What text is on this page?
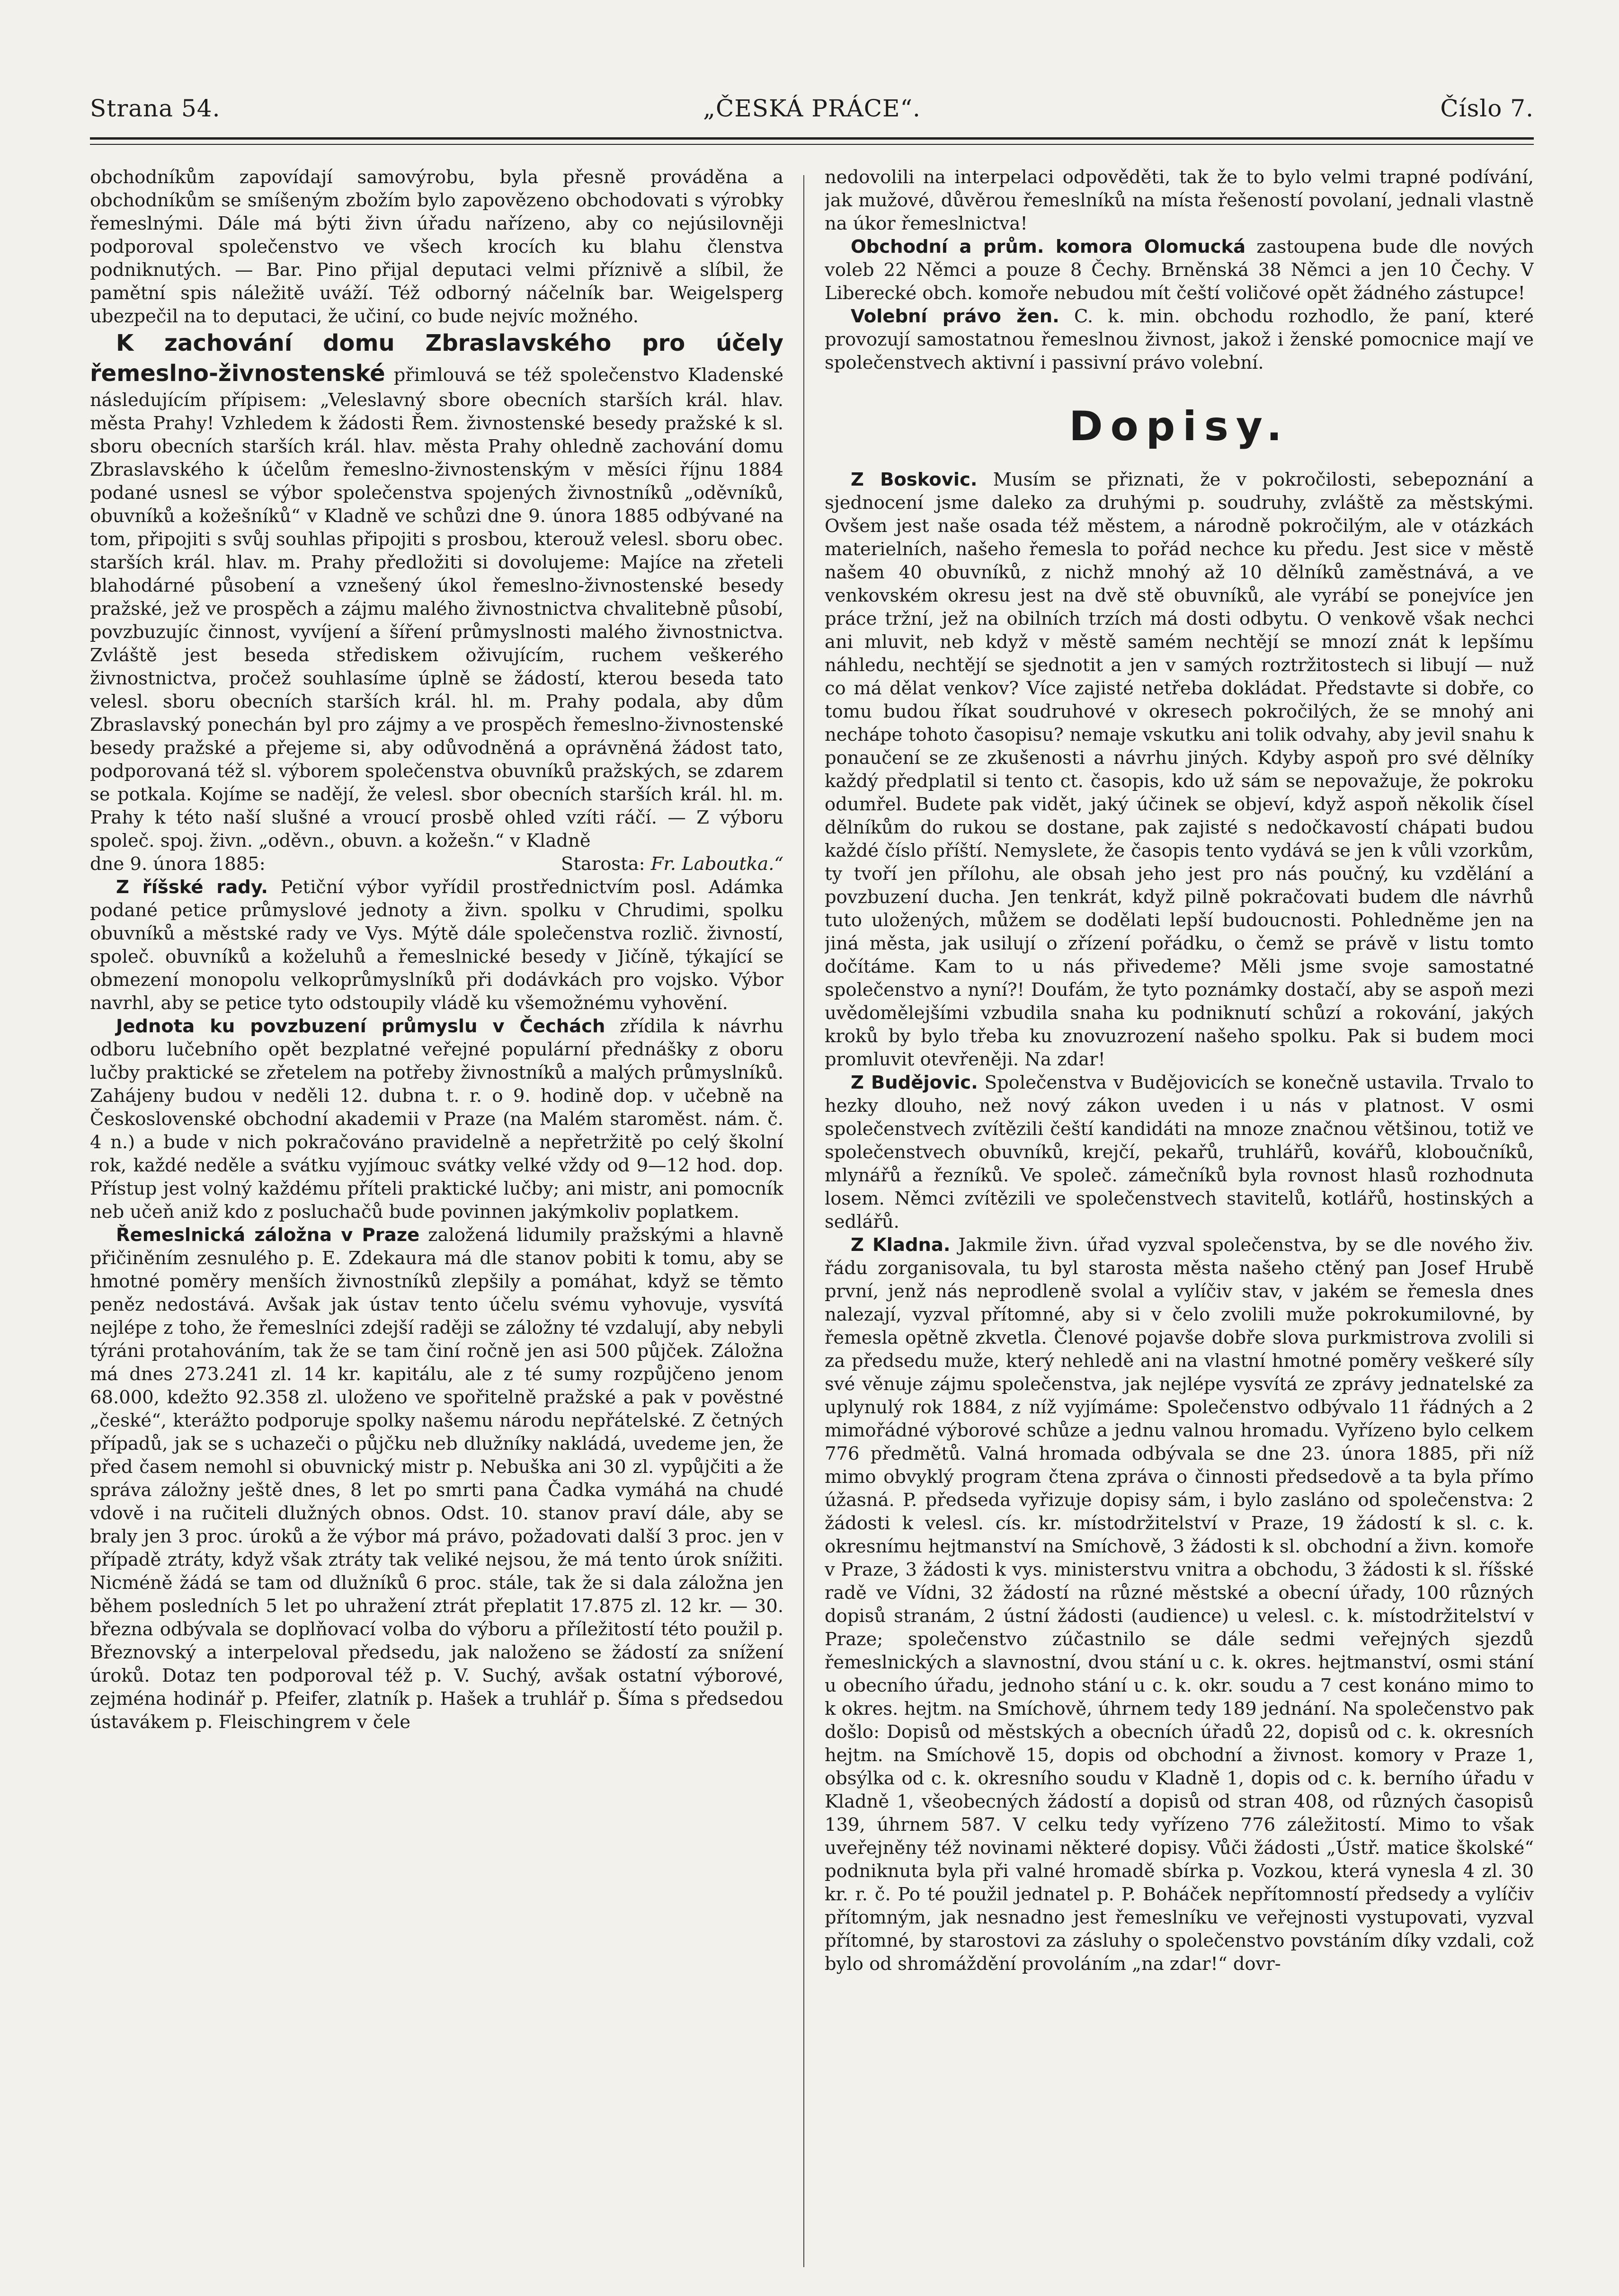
Strana 54.	„ČESKÁ PRÁCE“.	Číslo 7.

obchodníkům zapovídají samovýrobu, byla přesně prováděna a obchodníkům se smíšeným zbožím bylo zapovězeno obchodovati s výrobky řemeslnými. Dále má býti živn úřadu nařízeno, aby co nejúsilovněji podporoval společenstvo ve všech krocích ku blahu členstva podniknutých. — Bar. Pino přijal deputaci velmi příznivě a slíbil, že pamětní spis náležitě uváží. Též odborný náčelník bar. Weigelsperg ubezpečil na to deputaci, že učiní, co bude nejvíc možného.

K zachování domu Zbraslavského pro účely řemeslno-živnostenské přimlouvá se též společenstvo Kladenské následujícím přípisem: „Veleslavný sbore obecních starších král. hlav. města Prahy! Vzhledem k žádosti Řem. živnostenské besedy pražské k sl. sboru obecních starších král. hlav. města Prahy ohledně zachování domu Zbraslavského k účelům řemeslno-živnostenským v měsíci říjnu 1884 podané usnesl se výbor společenstva spojených živnostníků „oděvníků, obuvníků a kožešníků“ v Kladně ve schůzi dne 9. února 1885 odbývané na tom, připojiti s svůj souhlas připojiti s prosbou, kterouž velesl. sboru obec. starších král. hlav. m. Prahy předložiti si dovolujeme: Majíce na zřeteli blahodárné působení a vznešený úkol řemeslno-živnostenské besedy pražské, jež ve prospěch a zájmu malého živnostnictva chvalitebně působí, povzbuzujíc činnost, vyvíjení a šíření průmyslnosti malého živnostnictva. Zvláště jest beseda střediskem oživujícím, ruchem veškerého živnostnictva, pročež souhlasíme úplně se žádostí, kterou beseda tato velesl. sboru obecních starších král. hl. m. Prahy podala, aby dům Zbraslavský ponechán byl pro zájmy a ve prospěch řemeslno-živnostenské besedy pražské a přejeme si, aby odůvodněná a oprávněná žádost tato, podporovaná též sl. výborem společenstva obuvníků pražských, se zdarem se potkala. Kojíme se nadějí, že velesl. sbor obecních starších král. hl. m. Prahy k této naší slušné a vroucí prosbě ohled vzíti ráčí. — Z výboru společ. spoj. živn. „oděvn., obuvn. a kožešn.“ v Kladně

dne 9. února 1885:	Starosta: Fr. Laboutka.“

Z říšské rady. Petiční výbor vyřídil prostřednictvím posl. Adámka podané petice průmyslové jednoty a živn. spolku v Chrudimi, spolku obuvníků a městské rady ve Vys. Mýtě dále společenstva rozlič. živností, společ. obuvníků a koželuhů a řemeslnické besedy v Jičíně, týkající se obmezení monopolu velkoprůmyslníků při dodávkách pro vojsko. Výbor navrhl, aby se petice tyto odstoupily vládě ku všemožnému vyhovění.

Jednota ku povzbuzení průmyslu v Čechách zřídila k návrhu odboru lučebního opět bezplatné veřejné populární přednášky z oboru lučby praktické se zřetelem na potřeby živnostníků a malých průmyslníků. Zahájeny budou v neděli 12. dubna t. r. o 9. hodině dop. v učebně na Československé obchodní akademii v Praze (na Malém staroměst. nám. č. 4 n.) a bude v nich pokračováno pravidelně a nepřetržitě po celý školní rok, každé neděle a svátku vyjímouc svátky velké vždy od 9—12 hod. dop. Přístup jest volný každému příteli praktické lučby; ani mistr, ani pomocník neb učeň aniž kdo z posluchačů bude povinnen jakýmkoliv poplatkem.

Řemeslnická záložna v Praze založená lidumily pražskými a hlavně přičiněním zesnulého p. E. Zdekaura má dle stanov pobiti k tomu, aby se hmotné poměry menších živnostníků zlepšily a pomáhat, když se těmto peněz nedostává. Avšak jak ústav tento účelu svému vyhovuje, vysvítá nejlépe z toho, že řemeslníci zdejší raději se záložny té vzdalují, aby nebyli týráni protahováním, tak že se tam činí ročně jen asi 500 půjček. Záložna má dnes 273.241 zl. 14 kr. kapitálu, ale z té sumy rozpůjčeno jenom 68.000, kdežto 92.358 zl. uloženo ve spořitelně pražské a pak v pověstné „české“, kterážto podporuje spolky našemu národu nepřátelské. Z četných případů, jak se s uchazeči o půjčku neb dlužníky nakládá, uvedeme jen, že před časem nemohl si obuvnický mistr p. Nebuška ani 30 zl. vypůjčiti a že správa záložny ještě dnes, 8 let po smrti pana Čadka vymáhá na chudé vdově i na ručiteli dlužných obnos. Odst. 10. stanov praví dále, aby se braly jen 3 proc. úroků a že výbor má právo, požadovati další 3 proc. jen v případě ztráty, když však ztráty tak veliké nejsou, že má tento úrok snížiti. Nicméně žádá se tam od dlužníků 6 proc. stále, tak že si dala záložna jen během posledních 5 let po uhražení ztrát přeplatit 17.875 zl. 12 kr. — 30. března odbývala se doplňovací volba do výboru a příležitostí této použil p. Březnovský a interpeloval předsedu, jak naloženo se žádostí za snížení úroků. Dotaz ten podporoval též p. V. Suchý, avšak ostatní výborové, zejména hodinář p. Pfeifer, zlatník p. Hašek a truhlář p. Šíma s předsedou ústavákem p. Fleischingrem v čele

nedovolili na interpelaci odpověděti, tak že to bylo velmi trapné podívání, jak mužové, důvěrou řemeslníků na místa řešeností povolaní, jednali vlastně na úkor řemeslnictva!

Obchodní a prům. komora Olomucká zastoupena bude dle nových voleb 22 Němci a pouze 8 Čechy. Brněnská 38 Němci a jen 10 Čechy. V Liberecké obch. komoře nebudou mít čeští voličové opět žádného zástupce!

Volební právo žen. C. k. min. obchodu rozhodlo, že paní, které provozují samostatnou řemeslnou živnost, jakož i ženské pomocnice mají ve společenstvech aktivní i passivní právo volební.

Dopisy.

Z Boskovic. Musím se přiznati, že v pokročilosti, sebepoznání a sjednocení jsme daleko za druhými p. soudruhy, zvláště za městskými. Ovšem jest naše osada též městem, a národně pokročilým, ale v otázkách materielních, našeho řemesla to pořád nechce ku předu. Jest sice v městě našem 40 obuvníků, z nichž mnohý až 10 dělníků zaměstnává, a ve venkovském okresu jest na dvě stě obuvníků, ale vyrábí se ponejvíce jen práce tržní, jež na obilních trzích má dosti odbytu. O venkově však nechci ani mluvit, neb když v městě samém nechtějí se mnozí znát k lepšímu náhledu, nechtějí se sjednotit a jen v samých roztržitostech si libují — nuž co má dělat venkov? Více zajisté netřeba dokládat. Představte si dobře, co tomu budou říkat soudruhové v okresech pokročilých, že se mnohý ani nechápe tohoto časopisu? nemaje vskutku ani tolik odvahy, aby jevil snahu k ponaučení se ze zkušenosti a návrhu jiných. Kdyby aspoň pro své dělníky každý předplatil si tento ct. časopis, kdo už sám se nepovažuje, že pokroku odumřel. Budete pak vidět, jaký účinek se objeví, když aspoň několik čísel dělníkům do rukou se dostane, pak zajisté s nedočkavostí chápati budou každé číslo příští. Nemyslete, že časopis tento vydává se jen k vůli vzorkům, ty tvoří jen přílohu, ale obsah jeho jest pro nás poučný, ku vzdělání a povzbuzení ducha. Jen tenkrát, když pilně pokračovati budem dle návrhů tuto uložených, můžem se dodělati lepší budoucnosti. Pohledněme jen na jiná města, jak usilují o zřízení pořádku, o čemž se právě v listu tomto dočítáme. Kam to u nás přivedeme? Měli jsme svoje samostatné společenstvo a nyní?! Doufám, že tyto poznámky dostačí, aby se aspoň mezi uvědomělejšími vzbudila snaha ku podniknutí schůzí a rokování, jakých kroků by bylo třeba ku znovuzrození našeho spolku. Pak si budem moci promluvit otevřeněji. Na zdar!

Z Budějovic. Společenstva v Budějovicích se konečně ustavila. Trvalo to hezky dlouho, než nový zákon uveden i u nás v platnost. V osmi společenstvech zvítězili čeští kandidáti na mnoze značnou většinou, totiž ve společenstvech obuvníků, krejčí, pekařů, truhlářů, kovářů, kloboučníků, mlynářů a řezníků. Ve společ. zámečníků byla rovnost hlasů rozhodnuta losem. Němci zvítězili ve společenstvech stavitelů, kotlářů, hostinských a sedlářů.

Z Kladna. Jakmile živn. úřad vyzval společenstva, by se dle nového živ. řádu zorganisovala, tu byl starosta města našeho ctěný pan Josef Hrubě první, jenž nás neprodleně svolal a vylíčiv stav, v jakém se řemesla dnes nalezají, vyzval přítomné, aby si v čelo zvolili muže pokrokumilovné, by řemesla opětně zkvetla. Členové pojavše dobře slova purkmistrova zvolili si za předsedu muže, který nehledě ani na vlastní hmotné poměry veškeré síly své věnuje zájmu společenstva, jak nejlépe vysvítá ze zprávy jednatelské za uplynulý rok 1884, z níž vyjímáme: Společenstvo odbývalo 11 řádných a 2 mimořádné výborové schůze a jednu valnou hromadu. Vyřízeno bylo celkem 776 předmětů. Valná hromada odbývala se dne 23. února 1885, při níž mimo obvyklý program čtena zpráva o činnosti předsedově a ta byla přímo úžasná. P. předseda vyřizuje dopisy sám, i bylo zasláno od společenstva: 2 žádosti k velesl. cís. kr. místodržitelství v Praze, 19 žádostí k sl. c. k. okresnímu hejtmanství na Smíchově, 3 žádosti k sl. obchodní a živn. komoře v Praze, 3 žádosti k vys. ministerstvu vnitra a obchodu, 3 žádosti k sl. říšské radě ve Vídni, 32 žádostí na různé městské a obecní úřady, 100 různých dopisů stranám, 2 ústní žádosti (audience) u velesl. c. k. místodržitelství v Praze; společenstvo zúčastnilo se dále sedmi veřejných sjezdů řemeslnických a slavnostní, dvou stání u c. k. okres. hejtmanství, osmi stání u obecního úřadu, jednoho stání u c. k. okr. soudu a 7 cest konáno mimo to k okres. hejtm. na Smíchově, úhrnem tedy 189 jednání. Na společenstvo pak došlo: Dopisů od městských a obecních úřadů 22, dopisů od c. k. okresních hejtm. na Smíchově 15, dopis od obchodní a živnost. komory v Praze 1, obsýlka od c. k. okresního soudu v Kladně 1, dopis od c. k. berního úřadu v Kladně 1, všeobecných žádostí a dopisů od stran 408, od různých časopisů 139, úhrnem 587. V celku tedy vyřízeno 776 záležitostí. Mimo to však uveřejněny též novinami některé dopisy. Vůči žádosti „Ústř. matice školské“ podniknuta byla při valné hromadě sbírka p. Vozkou, která vynesla 4 zl. 30 kr. r. č. Po té použil jednatel p. P. Boháček nepřítomností předsedy a vylíčiv přítomným, jak nesnadno jest řemeslníku ve veřejnosti vystupovati, vyzval přítomné, by starostovi za zásluhy o společenstvo povstáním díky vzdali, což bylo od shromáždění provoláním „na zdar!“ dovr-
